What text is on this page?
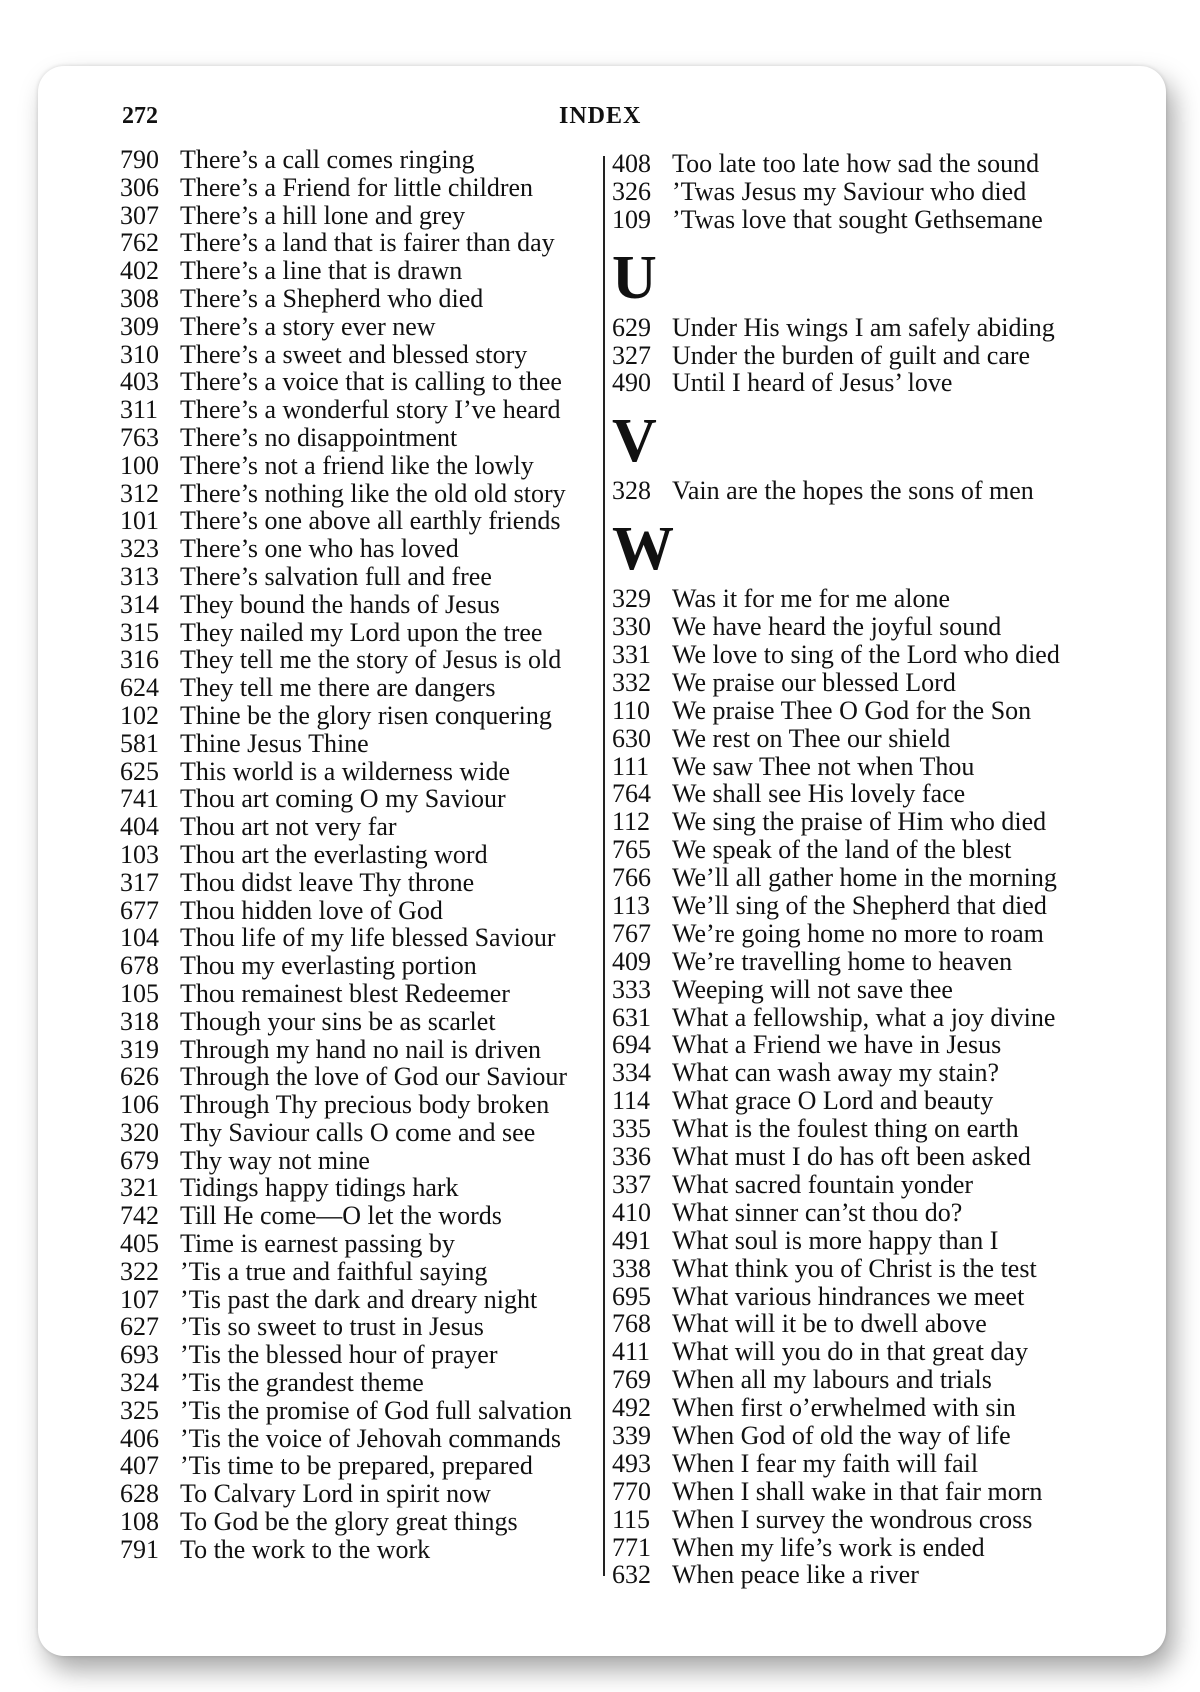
272	INDEX
790 There’s a call comes ringing
306 There’s a Friend for little children
307 There’s a hill lone and grey
762 There’s a land that is fairer than day
402 There’s a line that is drawn
308 There’s a Shepherd who died
309 There’s a story ever new
310 There’s a sweet and blessed story
403 There’s a voice that is calling to thee
311 There’s a wonderful story I’ve heard
763 There’s no disappointment
100 There’s not a friend like the lowly
312 There’s nothing like the old old story
101 There’s one above all earthly friends
323 There’s one who has loved
313 There’s salvation full and free
314 They bound the hands of Jesus
315 They nailed my Lord upon the tree
316 They tell me the story of Jesus is old
624 They tell me there are dangers
102 Thine be the glory risen conquering
581 Thine Jesus Thine
625 This world is a wilderness wide
741 Thou art coming O my Saviour
404 Thou art not very far
103 Thou art the everlasting word
317 Thou didst leave Thy throne
677 Thou hidden love of God
104 Thou life of my life blessed Saviour
678 Thou my everlasting portion
105 Thou remainest blest Redeemer
318 Though your sins be as scarlet
319 Through my hand no nail is driven
626 Through the love of God our Saviour
106 Through Thy precious body broken
320 Thy Saviour calls O come and see
679 Thy way not mine
321 Tidings happy tidings hark
742 Till He come—O let the words
405 Time is earnest passing by
322 ’Tis a true and faithful saying
107 ’Tis past the dark and dreary night
627 ’Tis so sweet to trust in Jesus
693 ’Tis the blessed hour of prayer
324 ’Tis the grandest theme
325 ’Tis the promise of God full salvation
406 ’Tis the voice of Jehovah commands
407 ’Tis time to be prepared, prepared
628 To Calvary Lord in spirit now
108 To God be the glory great things
791 To the work to the work
408 Too late too late how sad the sound
326 ’Twas Jesus my Saviour who died
109 ’Twas love that sought Gethsemane
U
629 Under His wings I am safely abiding
327 Under the burden of guilt and care
490 Until I heard of Jesus’ love
V
328 Vain are the hopes the sons of men
W
329 Was it for me for me alone
330 We have heard the joyful sound
331 We love to sing of the Lord who died
332 We praise our blessed Lord
110 We praise Thee O God for the Son
630 We rest on Thee our shield
111 We saw Thee not when Thou
764 We shall see His lovely face
112 We sing the praise of Him who died
765 We speak of the land of the blest
766 We’ll all gather home in the morning
113 We’ll sing of the Shepherd that died
767 We’re going home no more to roam
409 We’re travelling home to heaven
333 Weeping will not save thee
631 What a fellowship, what a joy divine
694 What a Friend we have in Jesus
334 What can wash away my stain?
114 What grace O Lord and beauty
335 What is the foulest thing on earth
336 What must I do has oft been asked
337 What sacred fountain yonder
410 What sinner can’st thou do?
491 What soul is more happy than I
338 What think you of Christ is the test
695 What various hindrances we meet
768 What will it be to dwell above
411 What will you do in that great day
769 When all my labours and trials
492 When first o’erwhelmed with sin
339 When God of old the way of life
493 When I fear my faith will fail
770 When I shall wake in that fair morn
115 When I survey the wondrous cross
771 When my life’s work is ended
632 When peace like a river
